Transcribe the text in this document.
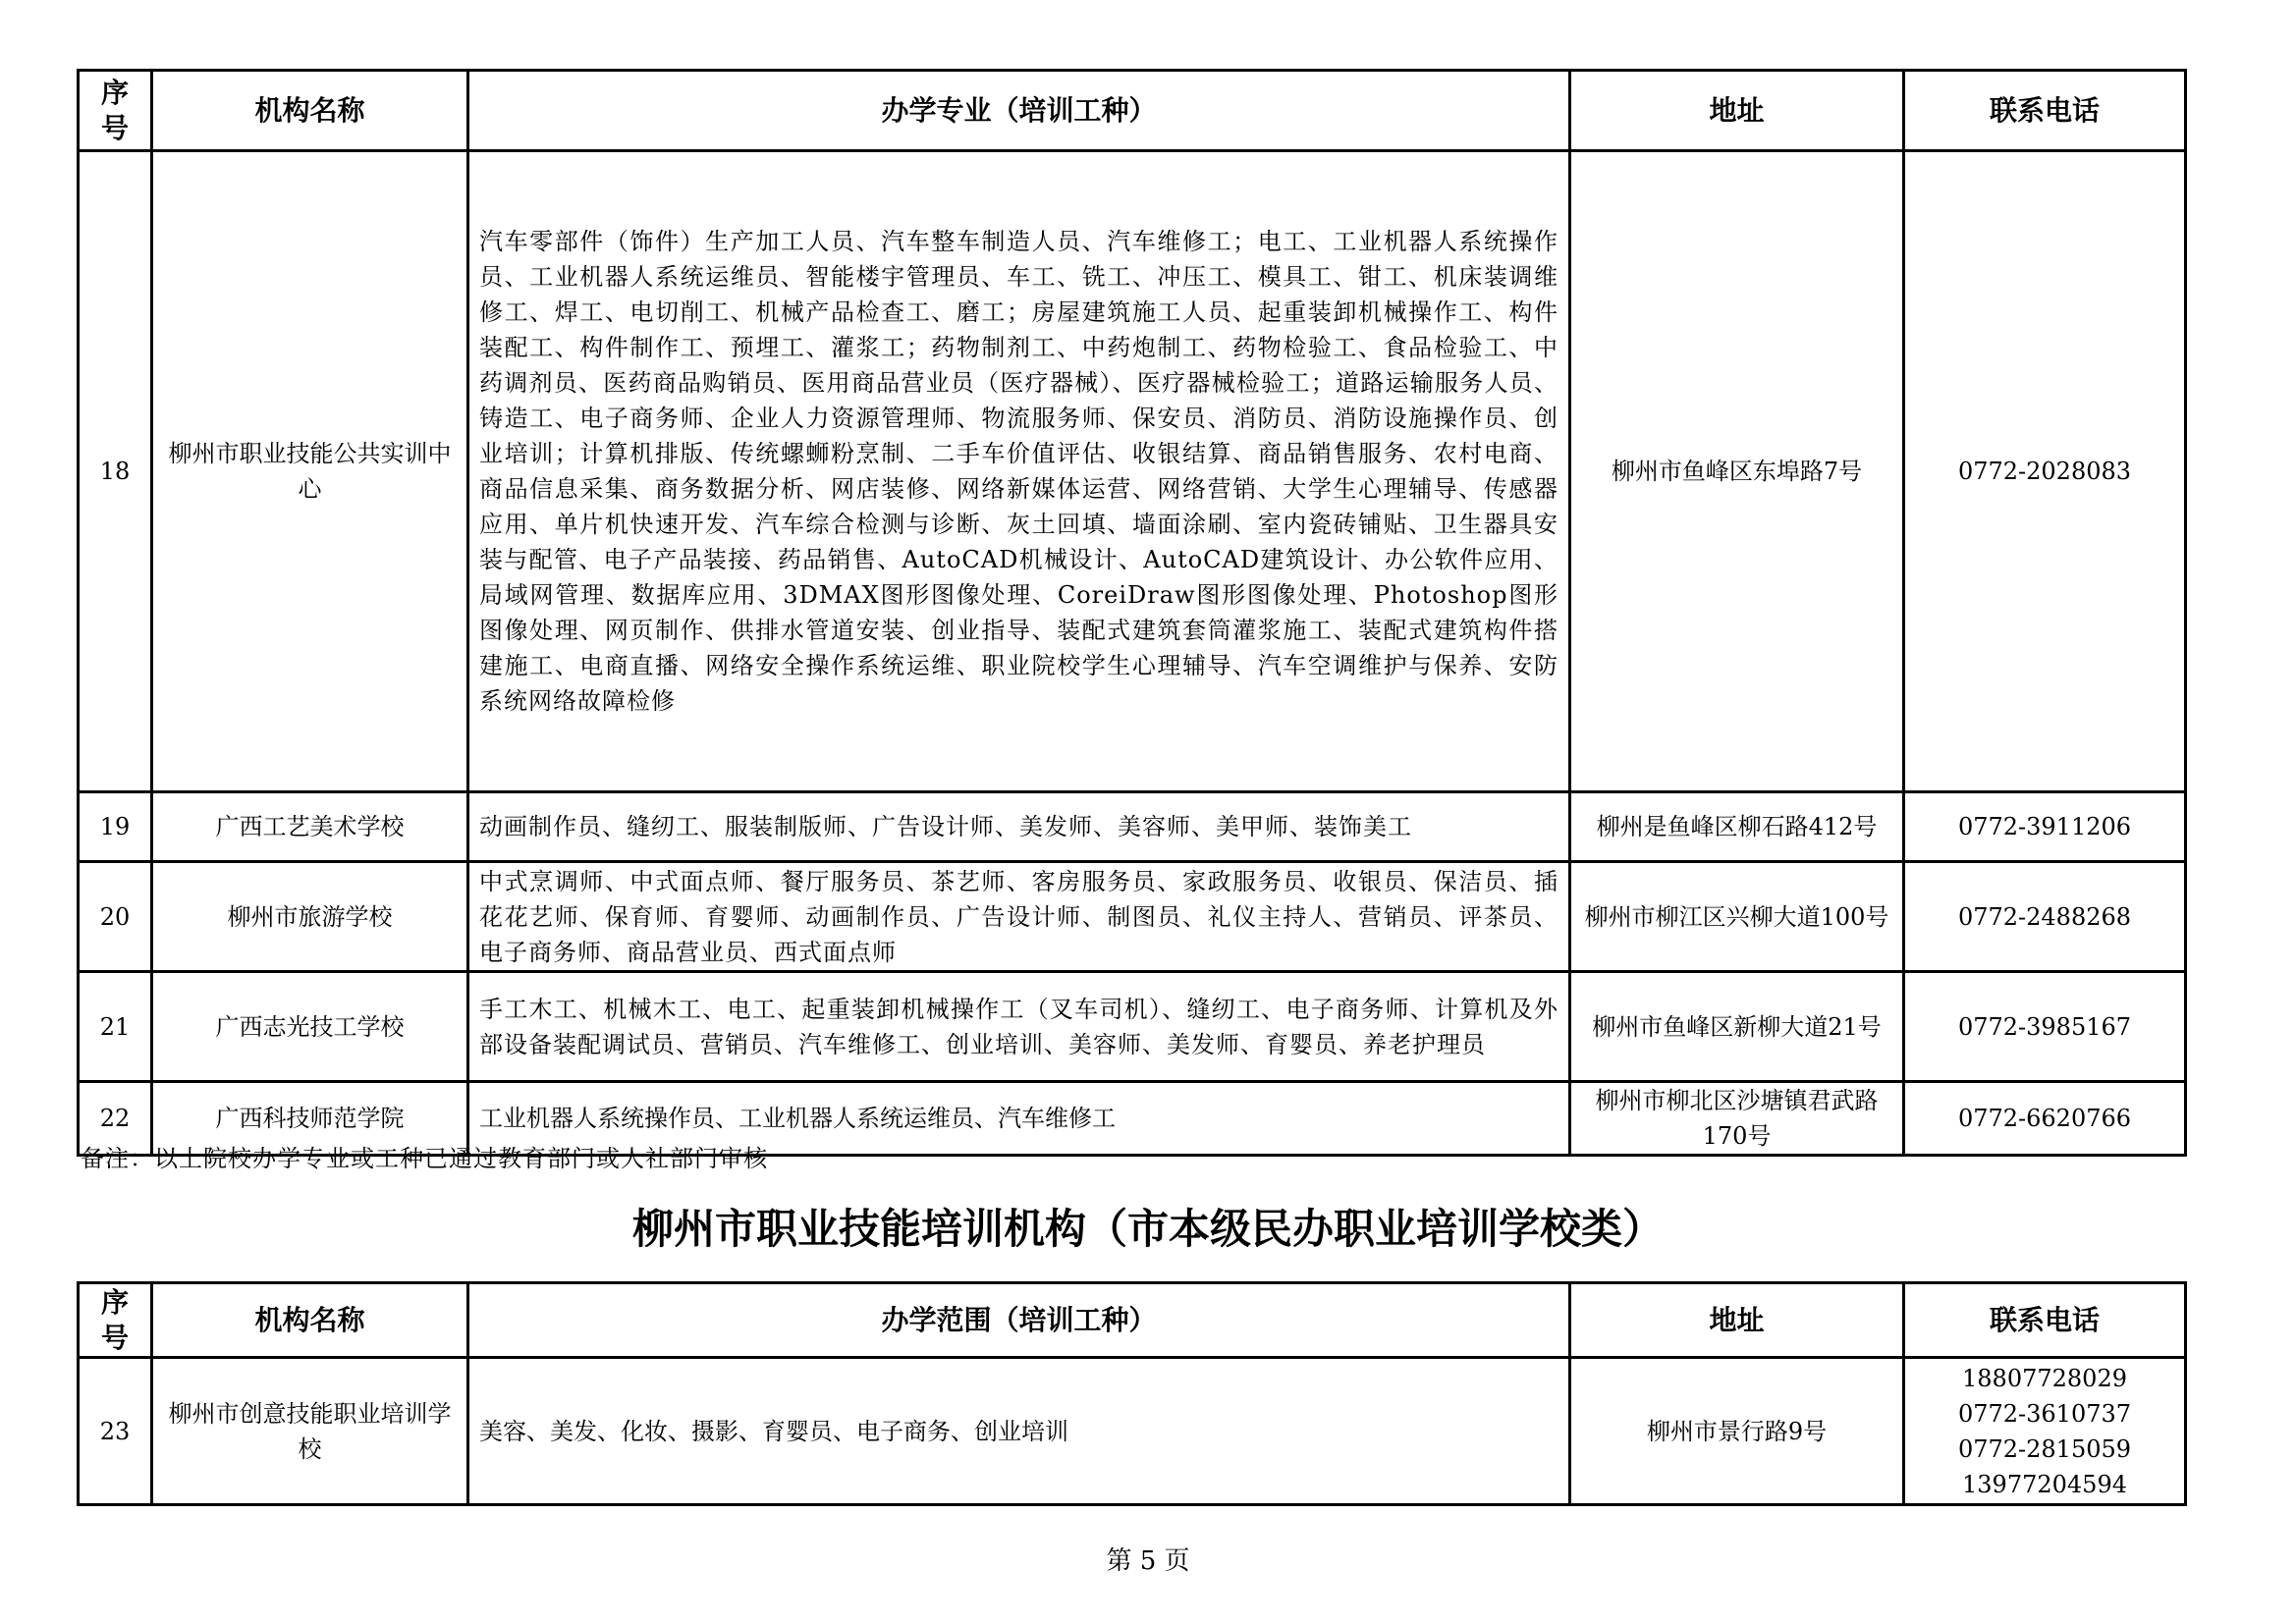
序号	机构名称	办学专业（培训工种）	地址	联系电话
18	柳州市职业技能公共实训中心	汽车零部件（饰件）生产加工人员、汽车整车制造人员、汽车维修工；电工、工业机器人系统操作员、工业机器人系统运维员、智能楼宇管理员、车工、铣工、冲压工、模具工、钳工、机床装调维修工、焊工、电切削工、机械产品检查工、磨工；房屋建筑施工人员、起重装卸机械操作工、构件装配工、构件制作工、预埋工、灌浆工；药物制剂工、中药炮制工、药物检验工、食品检验工、中药调剂员、医药商品购销员、医用商品营业员（医疗器械）、医疗器械检验工；道路运输服务人员、铸造工、电子商务师、企业人力资源管理师、物流服务师、保安员、消防员、消防设施操作员、创业培训；计算机排版、传统螺蛳粉烹制、二手车价值评估、收银结算、商品销售服务、农村电商、商品信息采集、商务数据分析、网店装修、网络新媒体运营、网络营销、大学生心理辅导、传感器应用、单片机快速开发、汽车综合检测与诊断、灰土回填、墙面涂刷、室内瓷砖铺贴、卫生器具安装与配管、电子产品装接、药品销售、AutoCAD机械设计、AutoCAD建筑设计、办公软件应用、局域网管理、数据库应用、3DMAX图形图像处理、CoreiDraw图形图像处理、Photoshop图形图像处理、网页制作、供排水管道安装、创业指导、装配式建筑套筒灌浆施工、装配式建筑构件搭建施工、电商直播、网络安全操作系统运维、职业院校学生心理辅导、汽车空调维护与保养、安防系统网络故障检修	柳州市鱼峰区东埠路7号	0772-2028083
19	广西工艺美术学校	动画制作员、缝纫工、服装制版师、广告设计师、美发师、美容师、美甲师、装饰美工	柳州是鱼峰区柳石路412号	0772-3911206
20	柳州市旅游学校	中式烹调师、中式面点师、餐厅服务员、茶艺师、客房服务员、家政服务员、收银员、保洁员、插花花艺师、保育师、育婴师、动画制作员、广告设计师、制图员、礼仪主持人、营销员、评茶员、电子商务师、商品营业员、西式面点师	柳州市柳江区兴柳大道100号	0772-2488268
21	广西志光技工学校	手工木工、机械木工、电工、起重装卸机械操作工（叉车司机）、缝纫工、电子商务师、计算机及外部设备装配调试员、营销员、汽车维修工、创业培训、美容师、美发师、育婴员、养老护理员	柳州市鱼峰区新柳大道21号	0772-3985167
22	广西科技师范学院	工业机器人系统操作员、工业机器人系统运维员、汽车维修工	柳州市柳北区沙塘镇君武路170号	0772-6620766
备注：以上院校办学专业或工种已通过教育部门或人社部门审核
柳州市职业技能培训机构（市本级民办职业培训学校类）
序号	机构名称	办学范围（培训工种）	地址	联系电话
23	柳州市创意技能职业培训学校	美容、美发、化妆、摄影、育婴员、电子商务、创业培训	柳州市景行路9号	18807728029
0772-3610737
0772-2815059
13977204594
第 5 页
